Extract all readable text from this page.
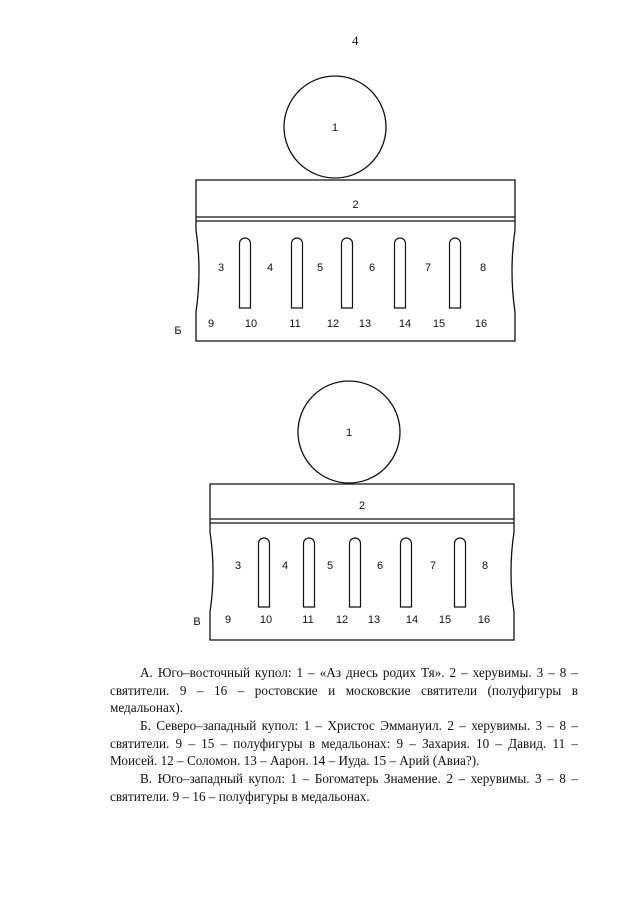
4
1
2
3	4	5	6	7	8
9	10	11 12 13	14 15	16
Б
1
2
3	4	5	6	7	8
9	10	11 12 13 14 15 16
В

А. Юго–восточный купол: 1 – «Аз днесь родих Тя». 2 – херувимы. 3 – 8 – святители. 9 – 16 – ростовские и московские святители (полуфигуры в медальонах).

Б. Северо–западный купол: 1 – Христос Эммануил. 2 – херувимы. 3 – 8 – святители. 9 – 15 – полуфигуры в медальонах: 9 – Захария. 10 – Давид. 11 – Моисей. 12 – Соломон. 13 – Аарон. 14 – Иуда. 15 – Арий (Авиа?).

В. Юго–западный купол: 1 – Богоматерь Знамение. 2 – херувимы. 3 – 8 – святители. 9 – 16 – полуфигуры в медальонах.
